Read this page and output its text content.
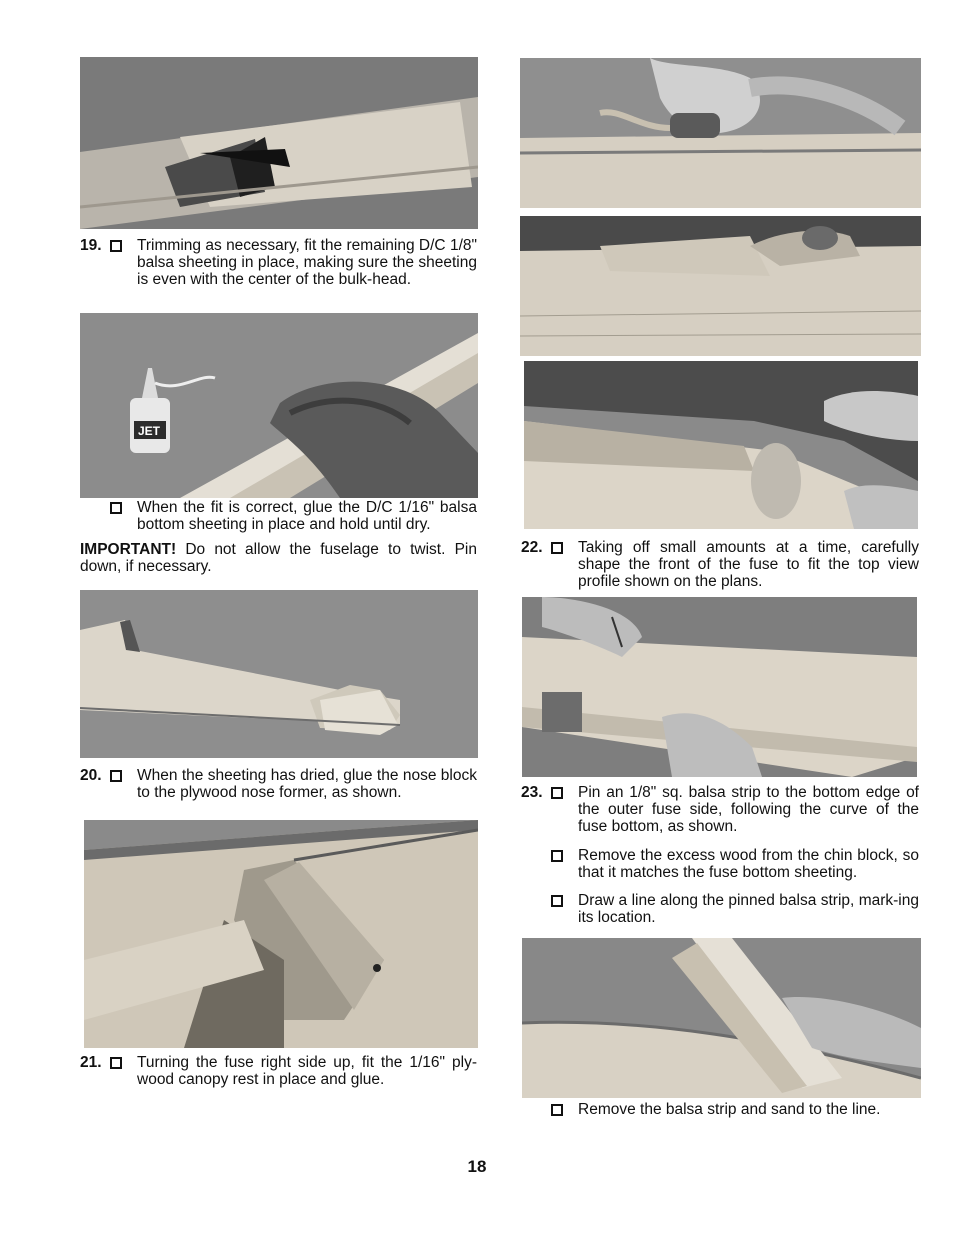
JET
19. Trimming as necessary, fit the remaining D/C 1/8" balsa sheeting in place, making sure the sheeting is even with the center of the bulk-head.
When the fit is correct, glue the D/C 1/16" balsa bottom sheeting in place and hold until dry.
IMPORTANT! Do not allow the fuselage to twist. Pin down, if necessary.
20. When the sheeting has dried, glue the nose block to the plywood nose former, as shown.
21. Turning the fuse right side up, fit the 1/16" ply-wood canopy rest in place and glue.
22. Taking off small amounts at a time, carefully shape the front of the fuse to fit the top view profile shown on the plans.
23. Pin an 1/8" sq. balsa strip to the bottom edge of the outer fuse side, following the curve of the fuse bottom, as shown.
Remove the excess wood from the chin block, so that it matches the fuse bottom sheeting.
Draw a line along the pinned balsa strip, mark-ing its location.
Remove the balsa strip and sand to the line.
18
